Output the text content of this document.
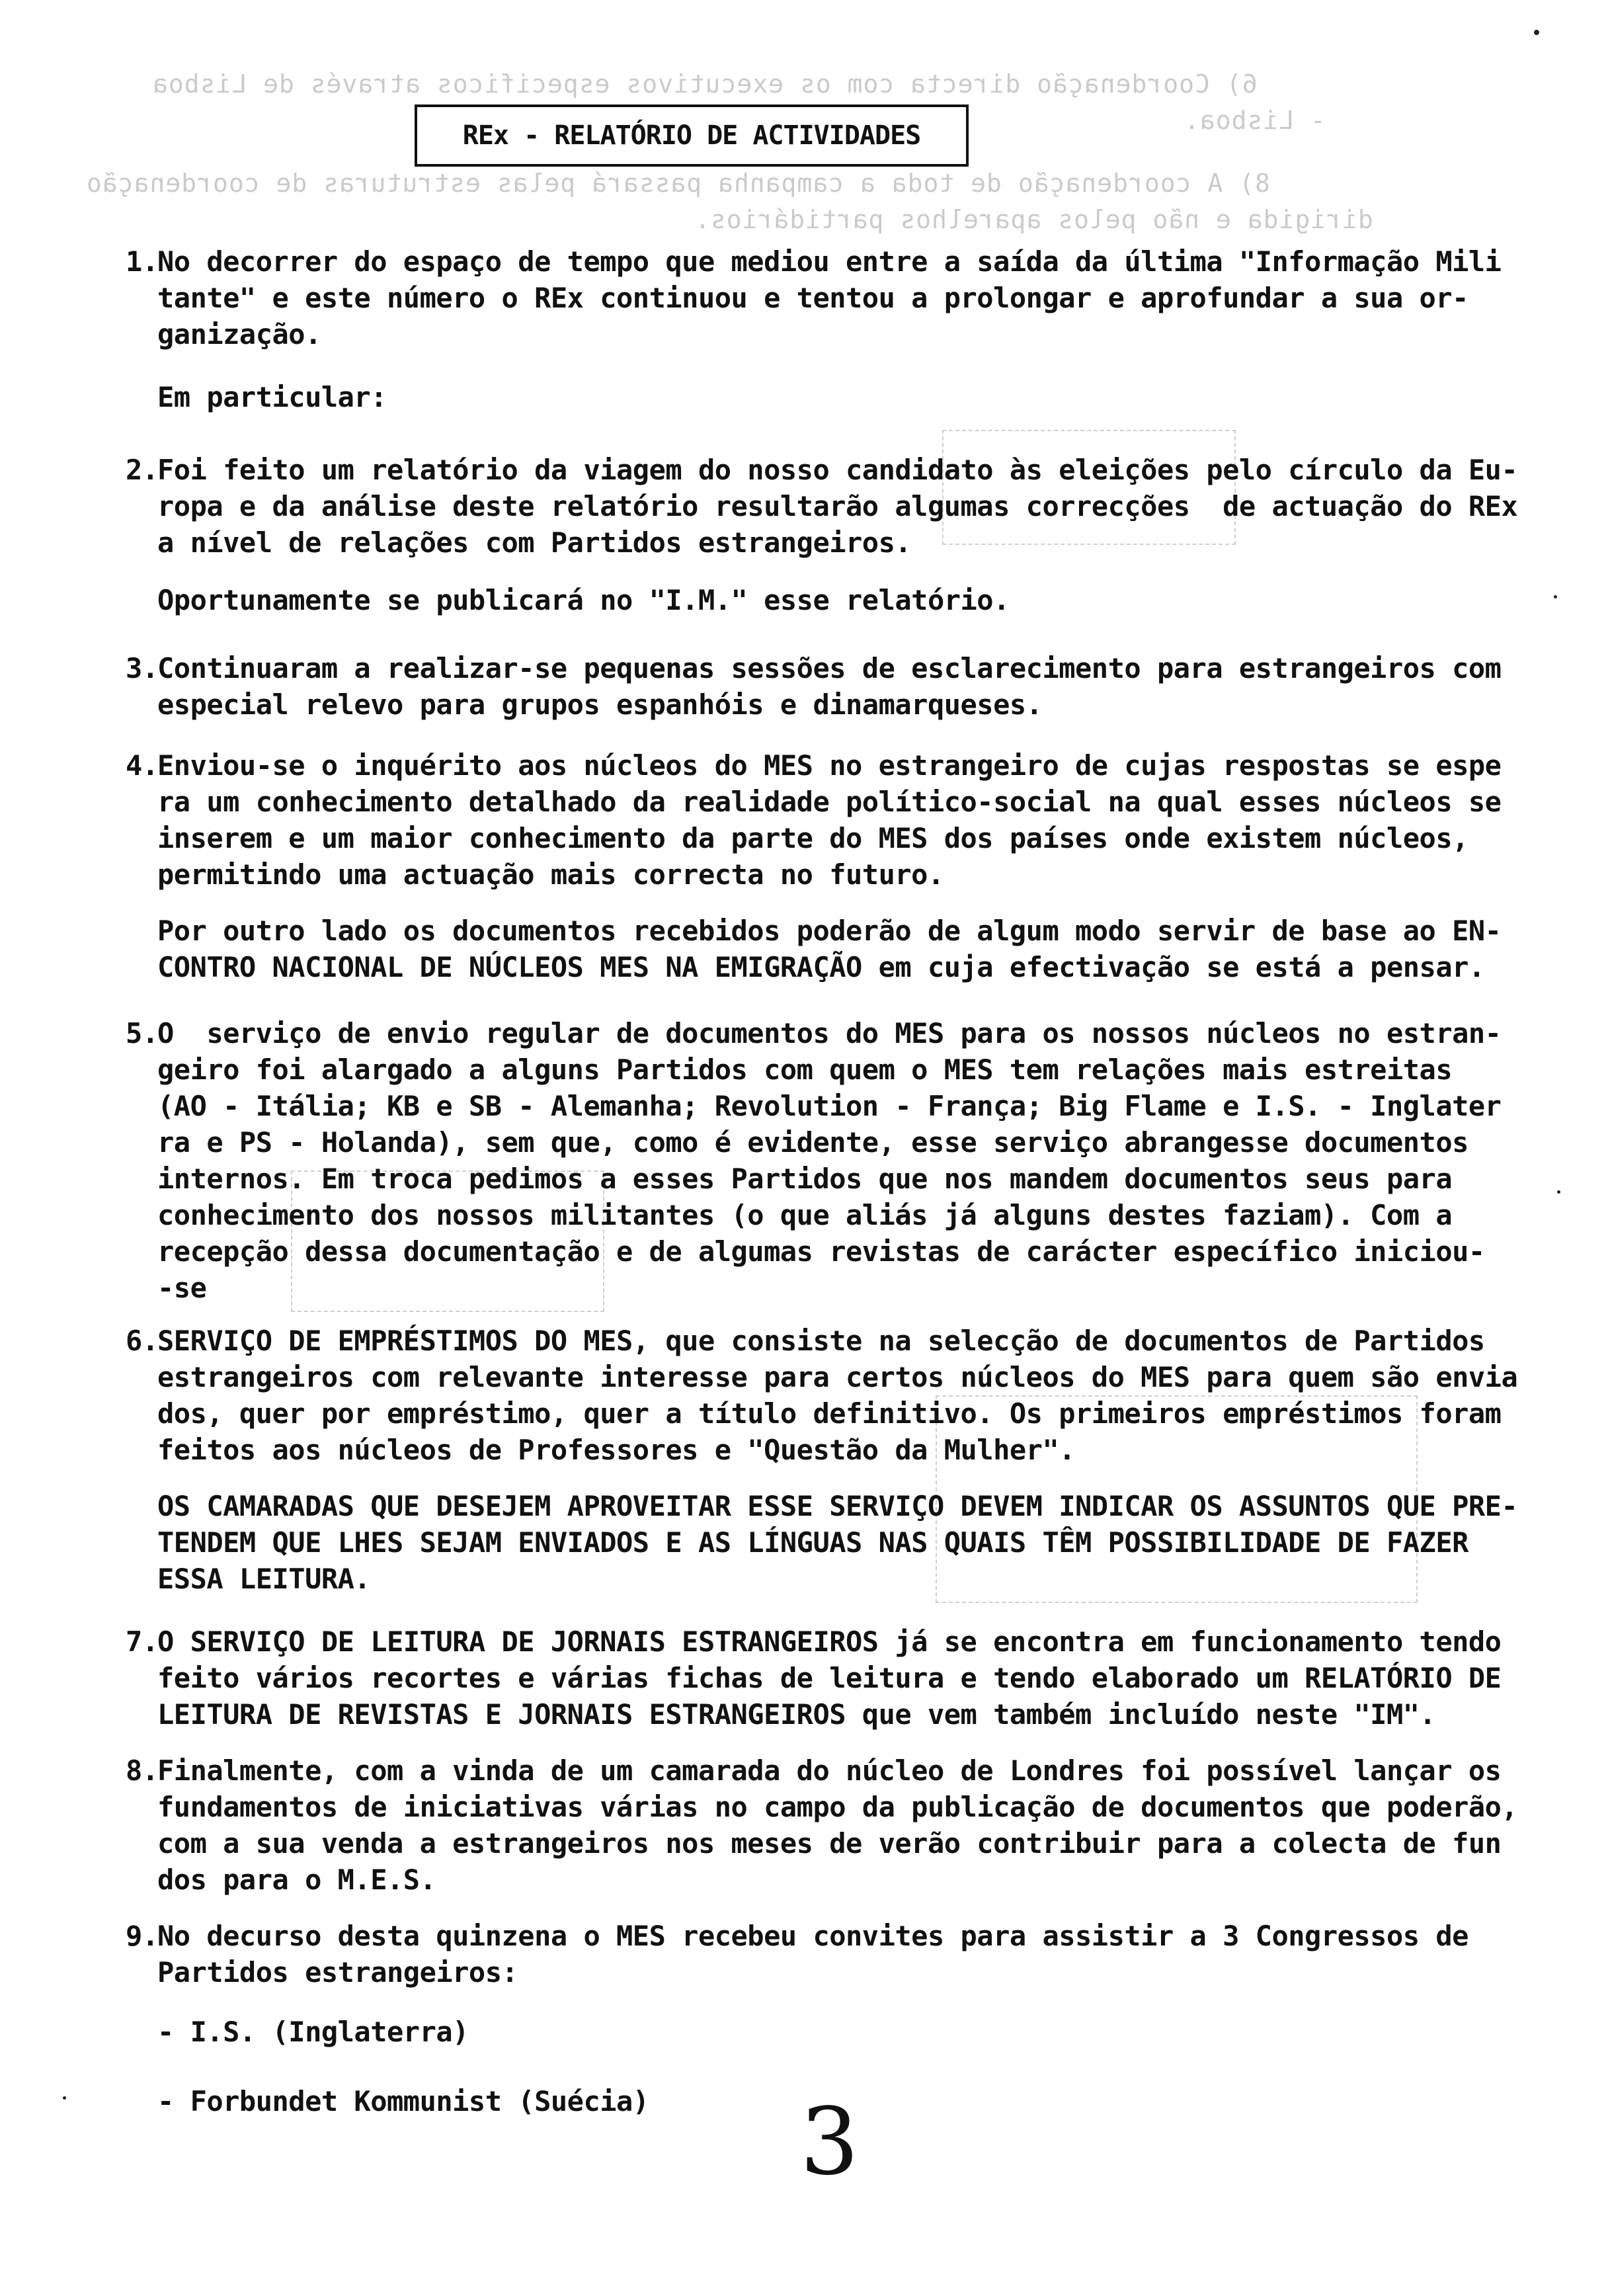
6) Coordenação directa com os executivos especificos através de Lisboa
- Lisboa.
8) A coordenação de toda a campanha passará pelas estruturas de coordenação
dirigida e não pelos aparelhos partidários.
REx - RELATÓRIO DE ACTIVIDADES
1.
No decorrer do espaço de tempo que mediou entre a saída da última "Informação Mili
tante" e este número o REx continuou e tentou a prolongar e aprofundar a sua or-
ganização.
Em particular:
2.
Foi feito um relatório da viagem do nosso candidato às eleições pelo círculo da Eu-
ropa e da análise deste relatório resultarão algumas correcções  de actuação do REx
a nível de relações com Partidos estrangeiros.
Oportunamente se publicará no "I.M." esse relatório.
3.
Continuaram a realizar-se pequenas sessões de esclarecimento para estrangeiros com
especial relevo para grupos espanhóis e dinamarqueses.
4.
Enviou-se o inquérito aos núcleos do MES no estrangeiro de cujas respostas se espe
ra um conhecimento detalhado da realidade político-social na qual esses núcleos se
inserem e um maior conhecimento da parte do MES dos países onde existem núcleos,
permitindo uma actuação mais correcta no futuro.
Por outro lado os documentos recebidos poderão de algum modo servir de base ao EN-
CONTRO NACIONAL DE NÚCLEOS MES NA EMIGRAÇÃO em cuja efectivação se está a pensar.
5.
O  serviço de envio regular de documentos do MES para os nossos núcleos no estran-
geiro foi alargado a alguns Partidos com quem o MES tem relações mais estreitas
(AO - Itália; KB e SB - Alemanha; Revolution - França; Big Flame e I.S. - Inglater
ra e PS - Holanda), sem que, como é evidente, esse serviço abrangesse documentos
internos. Em troca pedimos a esses Partidos que nos mandem documentos seus para
conhecimento dos nossos militantes (o que aliás já alguns destes faziam). Com a
recepção dessa documentação e de algumas revistas de carácter específico iniciou-
-se
6.
SERVIÇO DE EMPRÉSTIMOS DO MES, que consiste na selecção de documentos de Partidos
estrangeiros com relevante interesse para certos núcleos do MES para quem são envia
dos, quer por empréstimo, quer a título definitivo. Os primeiros empréstimos foram
feitos aos núcleos de Professores e "Questão da Mulher".
OS CAMARADAS QUE DESEJEM APROVEITAR ESSE SERVIÇO DEVEM INDICAR OS ASSUNTOS QUE PRE-
TENDEM QUE LHES SEJAM ENVIADOS E AS LÍNGUAS NAS QUAIS TÊM POSSIBILIDADE DE FAZER
ESSA LEITURA.
7.
O SERVIÇO DE LEITURA DE JORNAIS ESTRANGEIROS já se encontra em funcionamento tendo
feito vários recortes e várias fichas de leitura e tendo elaborado um RELATÓRIO DE
LEITURA DE REVISTAS E JORNAIS ESTRANGEIROS que vem também incluído neste "IM".
8.
Finalmente, com a vinda de um camarada do núcleo de Londres foi possível lançar os
fundamentos de iniciativas várias no campo da publicação de documentos que poderão,
com a sua venda a estrangeiros nos meses de verão contribuir para a colecta de fun
dos para o M.E.S.
9.
No decurso desta quinzena o MES recebeu convites para assistir a 3 Congressos de
Partidos estrangeiros:
- I.S. (Inglaterra)
- Forbundet Kommunist (Suécia)	3
